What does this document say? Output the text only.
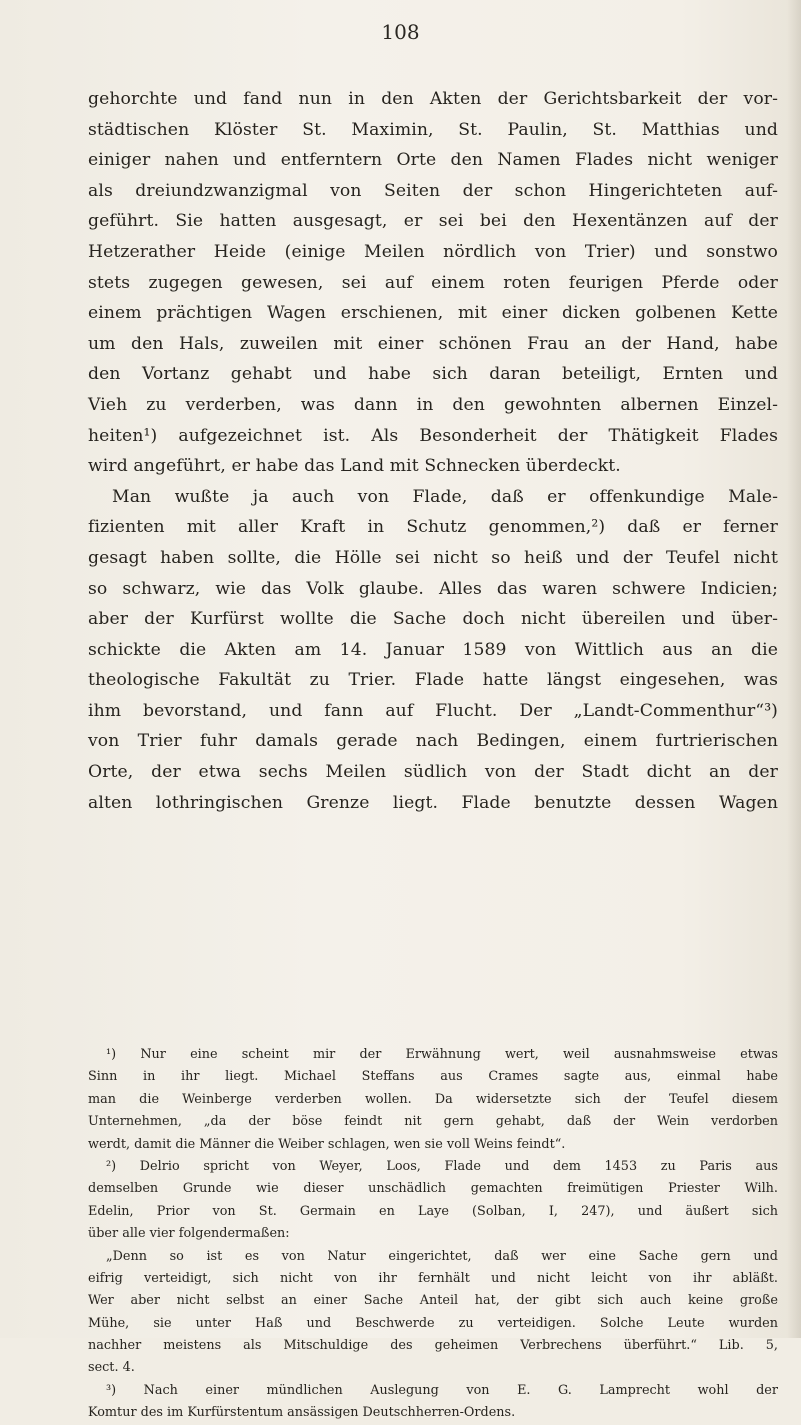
108
gehorchte und fand nun in den Akten der Gerichtsbarkeit der vor-
städtischen Klöster St. Maximin, St. Paulin, St. Matthias und
einiger nahen und entferntern Orte den Namen Flades nicht weniger
als dreiundzwanzigmal von Seiten der schon Hingerichteten auf-
geführt. Sie hatten ausgesagt, er sei bei den Hexentänzen auf der
Hetzerather Heide (einige Meilen nördlich von Trier) und sonstwo
stets zugegen gewesen, sei auf einem roten feurigen Pferde oder
einem prächtigen Wagen erschienen, mit einer dicken golbenen Kette
um den Hals, zuweilen mit einer schönen Frau an der Hand, habe
den Vortanz gehabt und habe sich daran beteiligt, Ernten und
Vieh zu verderben, was dann in den gewohnten albernen Einzel-
heiten¹) aufgezeichnet ist. Als Besonderheit der Thätigkeit Flades
wird angeführt, er habe das Land mit Schnecken überdeckt.
Man wußte ja auch von Flade, daß er offenkundige Male-
fizienten mit aller Kraft in Schutz genommen,²) daß er ferner
gesagt haben sollte, die Hölle sei nicht so heiß und der Teufel nicht
so schwarz, wie das Volk glaube. Alles das waren schwere Indicien;
aber der Kurfürst wollte die Sache doch nicht übereilen und über-
schickte die Akten am 14. Januar 1589 von Wittlich aus an die
theologische Fakultät zu Trier. Flade hatte längst eingesehen, was
ihm bevorstand, und fann auf Flucht. Der „Landt-Commenthur“³)
von Trier fuhr damals gerade nach Bedingen, einem furtrierischen
Orte, der etwa sechs Meilen südlich von der Stadt dicht an der
alten lothringischen Grenze liegt. Flade benutzte dessen Wagen
¹) Nur eine scheint mir der Erwähnung wert, weil ausnahmsweise etwas
Sinn in ihr liegt. Michael Steffans aus Crames sagte aus, einmal habe
man die Weinberge verderben wollen. Da widersetzte sich der Teufel diesem
Unternehmen, „da der böse feindt nit gern gehabt, daß der Wein verdorben
werdt, damit die Männer die Weiber schlagen, wen sie voll Weins feindt“.
²) Delrio spricht von Weyer, Loos, Flade und dem 1453 zu Paris aus
demselben Grunde wie dieser unschädlich gemachten freimütigen Priester Wilh.
Edelin, Prior von St. Germain en Laye (Solban, I, 247), und äußert sich
über alle vier folgendermaßen:
„Denn so ist es von Natur eingerichtet, daß wer eine Sache gern und
eifrig verteidigt, sich nicht von ihr fernhält und nicht leicht von ihr abläßt.
Wer aber nicht selbst an einer Sache Anteil hat, der gibt sich auch keine große
Mühe, sie unter Haß und Beschwerde zu verteidigen. Solche Leute wurden
nachher meistens als Mitschuldige des geheimen Verbrechens überführt.“ Lib. 5,
sect. 4.
³) Nach einer mündlichen Auslegung von E. G. Lamprecht wohl der
Komtur des im Kurfürstentum ansässigen Deutschherren-Ordens.
